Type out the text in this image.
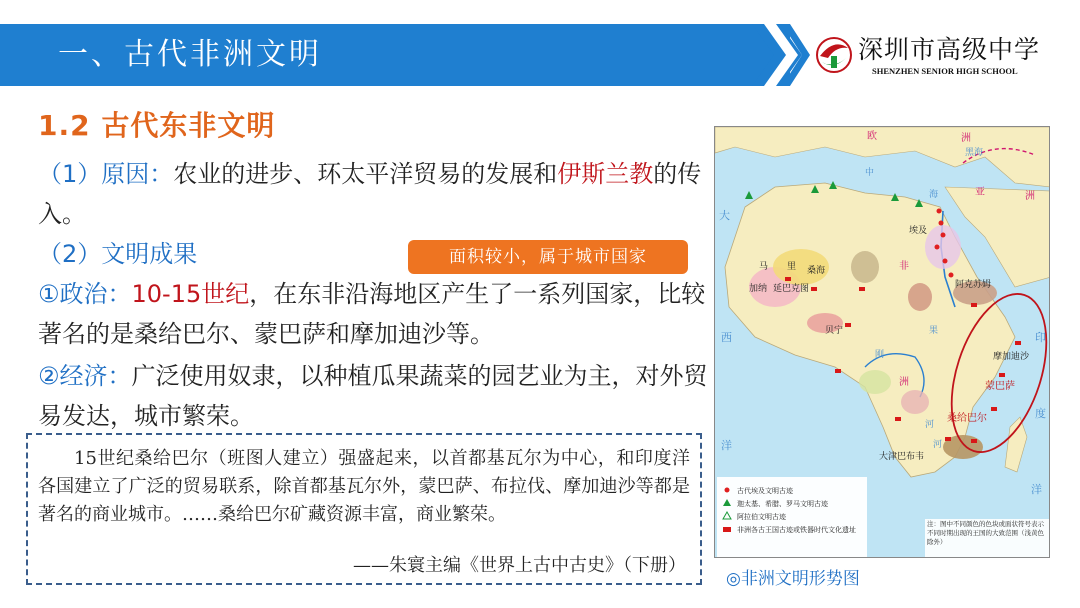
一、古代非洲文明	深圳市高级中学
SHENZHEN SENIOR HIGH SCHOOL
1.2 古代东非文明
（1）原因：农业的进步、环太平洋贸易的发展和伊斯兰教的传入。
（2）文明成果	面积较小，属于城市国家
①政治：10-15世纪，在东非沿海地区产生了一系列国家，比较著名的是桑给巴尔、蒙巴萨和摩加迪沙等。
②经济：广泛使用奴隶，以种植瓜果蔬菜的园艺业为主，对外贸易发达，城市繁荣。
15世纪桑给巴尔（班图人建立）强盛起来，以首都基瓦尔为中心，和印度洋各国建立了广泛的贸易联系，除首都基瓦尔外，蒙巴萨、布拉伐、摩加迪沙等都是著名的商业城市。……桑给巴尔矿藏资源丰富，商业繁荣。
——朱寰主编《世界上古中古史》（下册）
欧	洲
亚	洲
黑海
中
海
大
西
洋
印
度
洋
非
洲
埃及
马 里 桑海
加纳 延巴克图
贝宁
阿克苏姆
摩加迪沙
蒙巴萨
桑给巴尔
大津巴布韦
刚
果
河
河
古代埃及文明古迹
迦太基、希腊、罗马文明古迹
阿拉伯文明古迹
非洲各古王国古迹或铁器时代文化遗址
注：图中不同颜色的色块或面状符号表示不同时期出现的王国的大致范围（浅黄色除外）
◎非洲文明形势图
